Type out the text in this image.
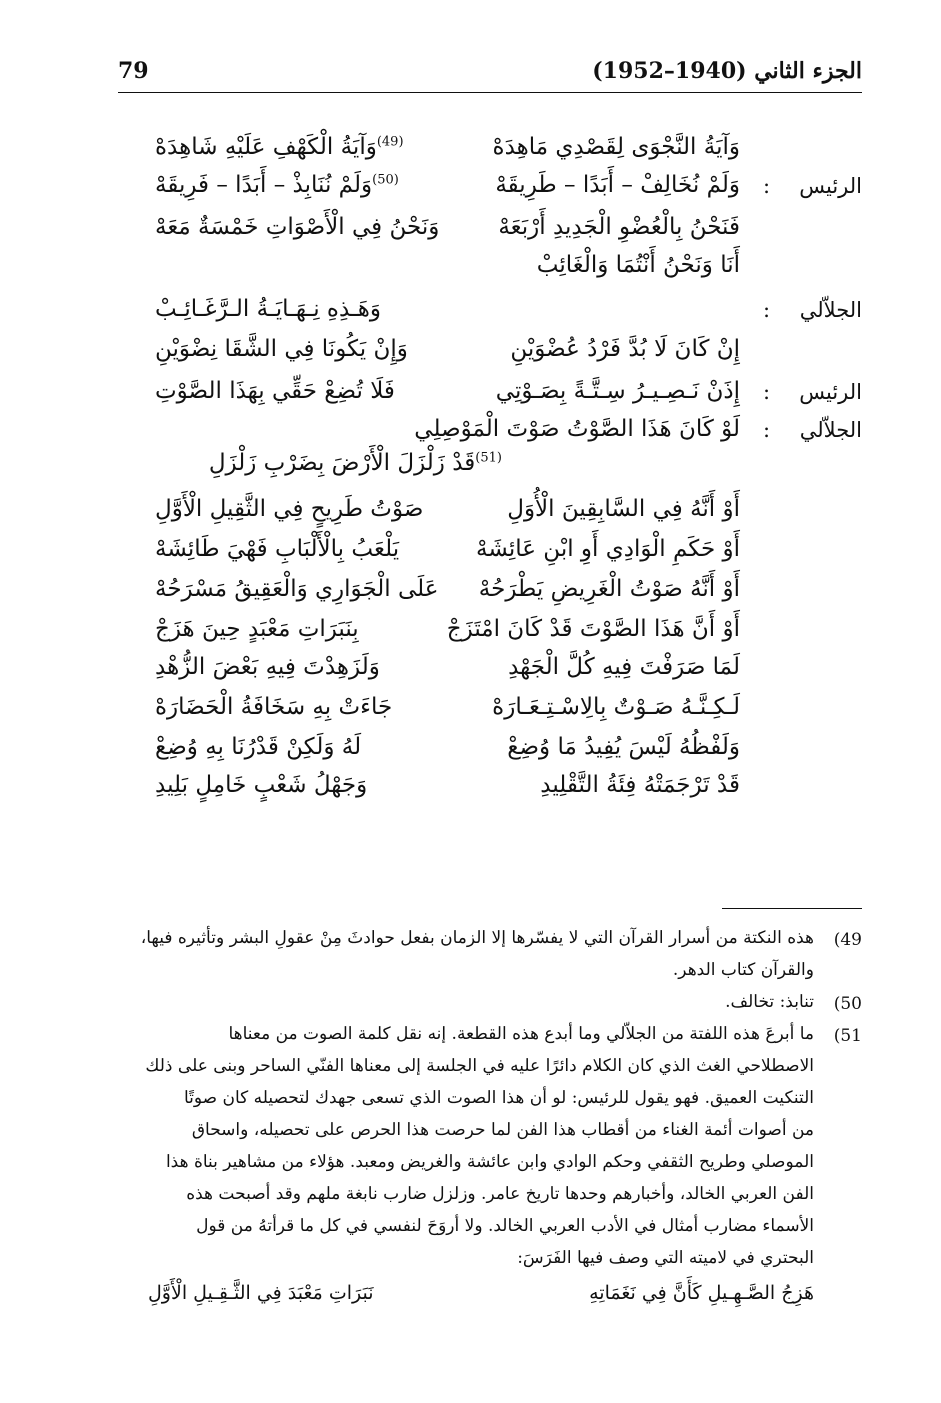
79	الجزء الثاني (1940–1952)
وَآيَةُ النَّجْوَى لِقَصْدِي مَاهِدَهْ
$^{(49)}$وَآيَةُ الْكَهْفِ عَلَيْهِ شَاهِدَهْ
الرئيس
:
وَلَمْ نُخَالِفْ – أَبَدًا – طَرِيقَهْ
$^{(50)}$وَلَمْ نُنَابِذْ – أَبَدًا – فَرِيقَهْ
فَنَحْنُ بِالْعُضْوِ الْجَدِيدِ أَرْبَعَهْ
وَنَحْنُ فِي الْأَصْوَاتِ خَمْسَةٌ مَعَهْ
أَنَا وَنَحْنُ أَنْتُمَا وَالْغَائِبْ
الجلاّلي
:
وَهَـذِهِ نِـهَـايَـةُ الـرَّغَـائِـبْ
إِنْ كَانَ لَا بُدَّ فَرْدُ عُضْوَيْنِ
وَإِنْ يَكُونَا فِي الشَّقَا نِضْوَيْنِ
الرئيس
:
إِذَنْ نَـصِـيـرُ سِـتَّـةً بِصَـوْتِي
فَلَا تُضِعْ حَقِّي بِهَذَا الصَّوْتِ
الجلاّلي
:
لَوْ كَانَ هَذَا الصَّوْتُ صَوْتَ الْمَوْصِلِي
$^{(51)}$قَدْ زَلْزَلَ الْأَرْضَ بِضَرْبِ زَلْزَلِ
أَوْ أَنَّهُ فِي السَّابِقِينَ الْأُوَلِ
صَوْتُ طَرِيحٍ فِي الثَّقِيلِ الْأَوَّلِ
أَوْ حَكَمِ الْوَادِي أَوِ ابْنِ عَائِشَهْ
يَلْعَبُ بِالْأَلْبَابِ فَهْيَ طَائِشَهْ
أَوْ أَنَّهُ صَوْتُ الْغَرِيضِ يَطْرَحُهْ
عَلَى الْجَوَارِي وَالْعَقِيقُ مَسْرَحُهْ
أَوْ أَنَّ هَذَا الصَّوْتَ قَدْ كَانَ امْتَزَجْ
بِنَبَرَاتِ مَعْبَدٍ حِينَ هَزَجْ
لَمَا صَرَفْتَ فِيهِ كُلَّ الْجَهْدِ
وَلَزَهِدْتَ فِيهِ بَعْضَ الزُّهْدِ
لَـكِـنَّـهُ صَـوْتٌ بِالِاسْـتِـعَـارَهْ
جَاءَتْ بِهِ سَخَافَةُ الْحَضَارَهْ
وَلَفْظُهُ لَيْسَ يُفِيدُ مَا وُضِعْ
لَهُ وَلَكِنْ قَدْرُنَا بِهِ وُضِعْ
قَدْ تَرْجَمَتْهُ فِئَةُ التَّقْلِيدِ
وَجَهْلُ شَعْبٍ خَامِلٍ بَلِيدِ
(49
هذه النكتة من أسرار القرآن التي لا يفسّرها إلا الزمان بفعل حوادثَ مِنْ عقولِ البشر وتأثيره فيها،
والقرآن كتاب الدهر.
(50
تنابذ: تخالف.
(51
ما أبرعَ هذه اللفتة من الجلاّلي وما أبدع هذه القطعة. إنه نقل كلمة الصوت من معناها
الاصطلاحي الغث الذي كان الكلام دائرًا عليه في الجلسة إلى معناها الفنّي الساحر وبنى على ذلك
التنكيت العميق. فهو يقول للرئيس: لو أن هذا الصوت الذي تسعى جهدك لتحصيله كان صوتًا
من أصوات أئمة الغناء من أقطاب هذا الفن لما حرصت هذا الحرص على تحصيله، واسحاق
الموصلي وطريح الثقفي وحكم الوادي وابن عائشة والغريض ومعبد. هؤلاء من مشاهير بناة هذا
الفن العربي الخالد، وأخبارهم وحدها تاريخ عامر. وزلزل ضارب نابغة ملهم وقد أصبحت هذه
الأسماء مضارب أمثال في الأدب العربي الخالد. ولا أروَحَ لنفسي في كل ما قرأتهُ من قول
البحتري في لاميته التي وصف فيها الفَرَسَ:
هَزِجُ الصَّـهِـيلِ كَأَنَّ فِي نَغَمَاتِهِ
نَبَرَاتِ مَعْبَدَ فِي الثَّـقِـيلِ الْأَوَّلِ
